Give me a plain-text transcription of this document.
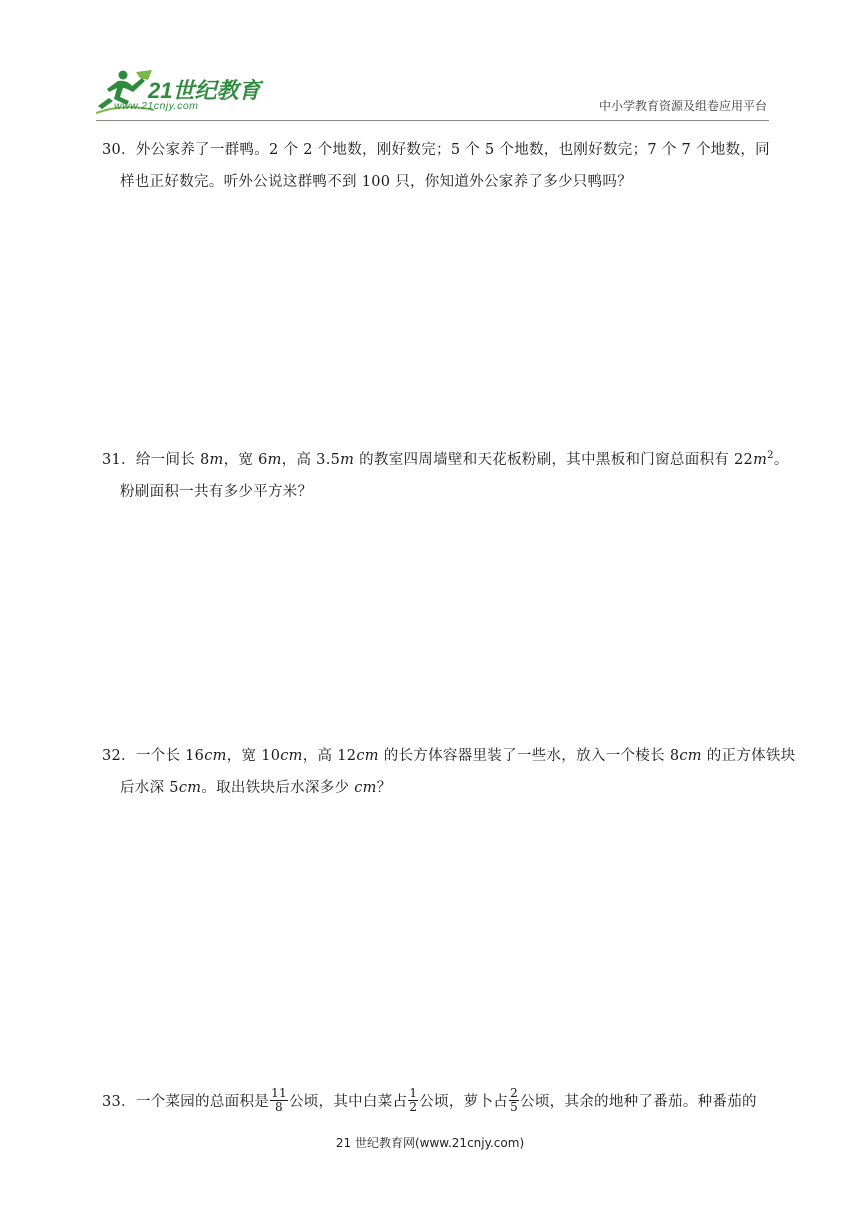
21世纪教育
www.21cnjy.com	中小学教育资源及组卷应用平台
30．外公家养了一群鸭。2 个 2 个地数，刚好数完；5 个 5 个地数，也刚好数完；7 个 7 个地数，同
样也正好数完。听外公说这群鸭不到 100 只，你知道外公家养了多少只鸭吗？
31．给一间长 8m，宽 6m，高 3.5m 的教室四周墙壁和天花板粉刷，其中黑板和门窗总面积有 $22m^2$。
粉刷面积一共有多少平方米？
32．一个长 16cm，宽 10cm，高 12cm 的长方体容器里装了一些水，放入一个棱长 8cm 的正方体铁块
后水深 5cm。取出铁块后水深多少 cm？
33．一个菜园的总面积是 $\frac{11}{8}$ 公顷，其中白菜占 $\frac{1}{2}$ 公顷，萝卜占 $\frac{2}{5}$ 公顷，其余的地种了番茄。种番茄的
21 世纪教育网(www.21cnjy.com)
